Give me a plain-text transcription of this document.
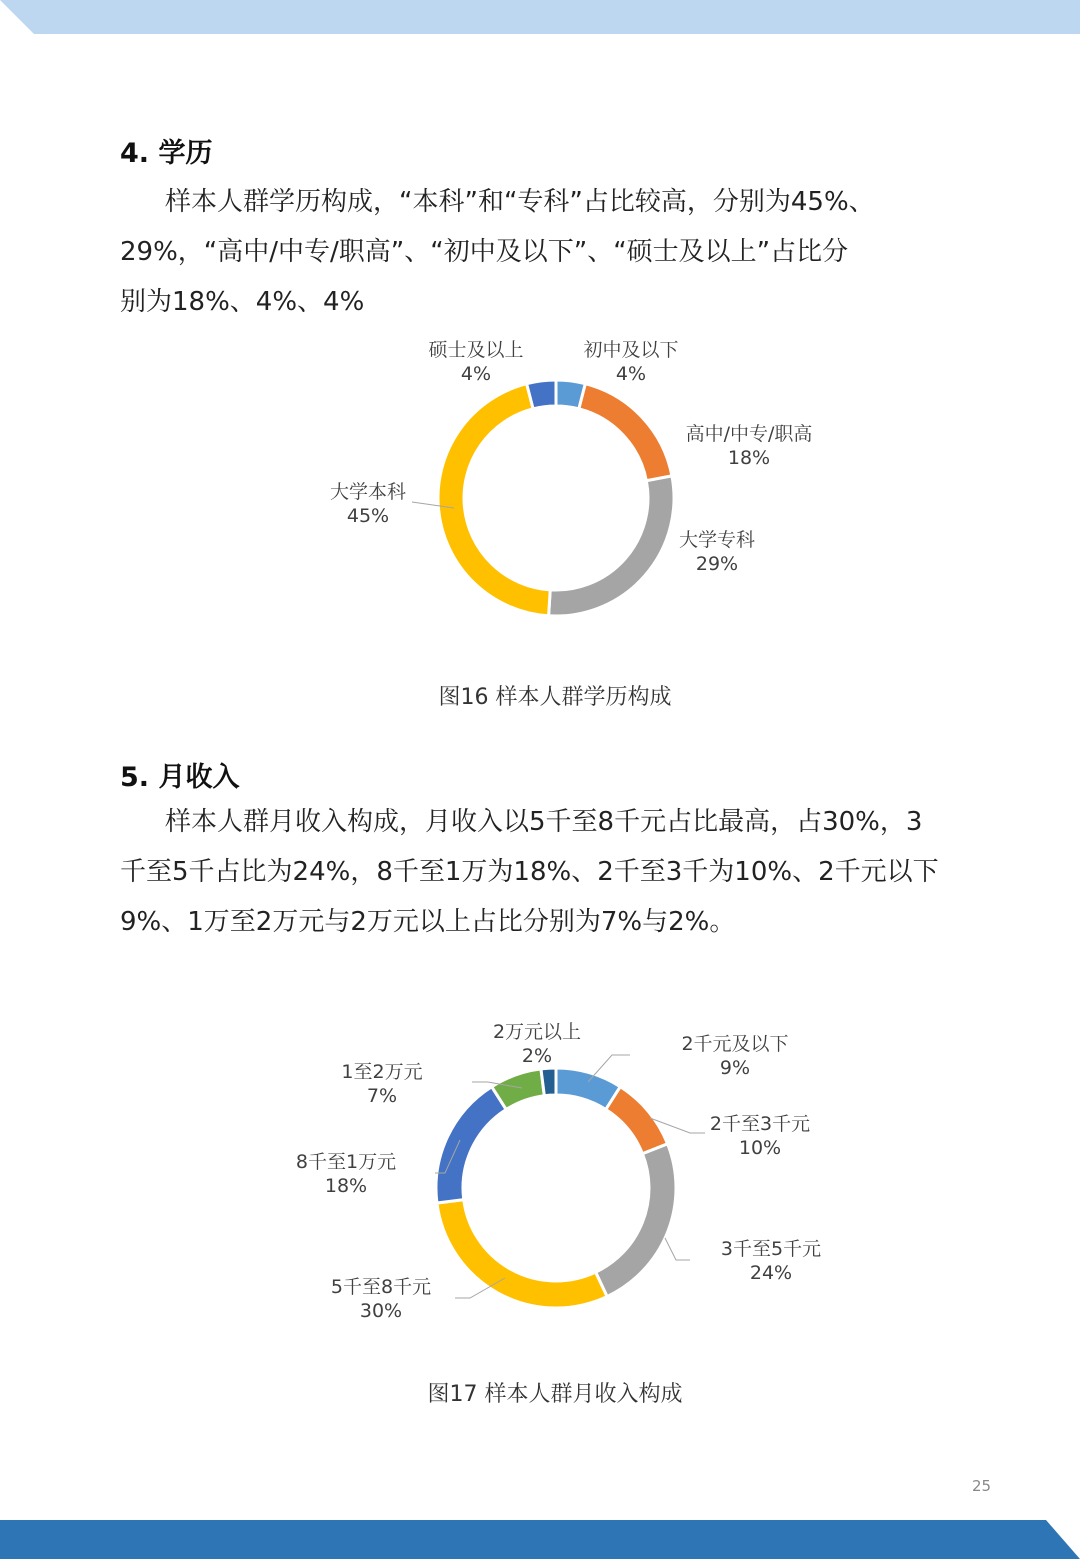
4. 学历
样本人群学历构成，“本科”和“专科”占比较高，分别为45%、
29%，“高中/中专/职高”、“初中及以下”、“硕士及以上”占比分
别为18%、4%、4%
初中及以下
4%
高中/中专/职高
18%
大学专科
29%
大学本科
45%
硕士及以上
4%
图16 样本人群学历构成
5. 月收入
样本人群月收入构成，月收入以5千至8千元占比最高，占30%，3
千至5千占比为24%，8千至1万为18%、2千至3千为10%、2千元以下
9%、1万至2万元与2万元以上占比分别为7%与2%。
2千元及以下
9%
2千至3千元
10%
3千至5千元
24%
5千至8千元
30%
8千至1万元
18%
1至2万元
7%
2万元以上
2%
图17 样本人群月收入构成
25
